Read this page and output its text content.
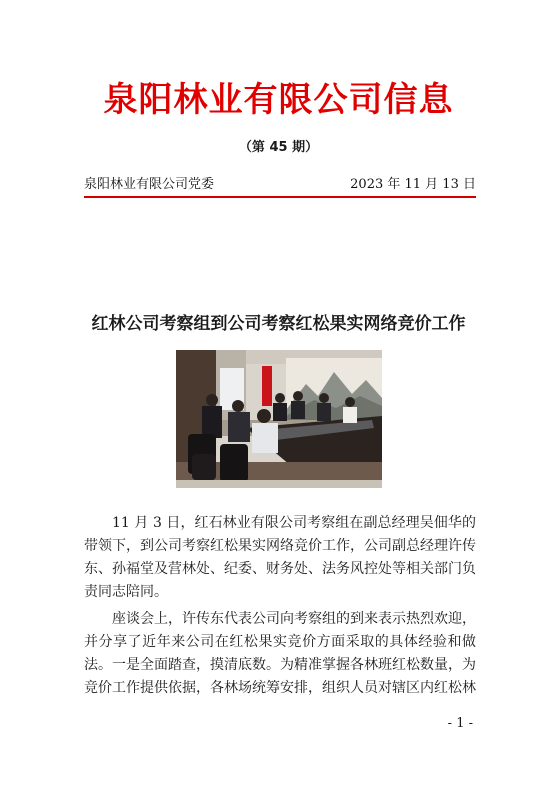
泉阳林业有限公司信息
（第 45 期）
泉阳林业有限公司党委	2023 年 11 月 13 日
红林公司考察组到公司考察红松果实网络竞价工作

11 月 3 日，红石林业有限公司考察组在副总经理吴佃华的带领下，到公司考察红松果实网络竞价工作，公司副总经理许传东、孙福堂及营林处、纪委、财务处、法务风控处等相关部门负责同志陪同。

座谈会上，许传东代表公司向考察组的到来表示热烈欢迎，并分享了近年来公司在红松果实竞价方面采取的具体经验和做法。一是全面踏查，摸清底数。为精准掌握各林班红松数量，为竞价工作提供依据，各林场统筹安排，组织人员对辖区内红松林

- 1 -
